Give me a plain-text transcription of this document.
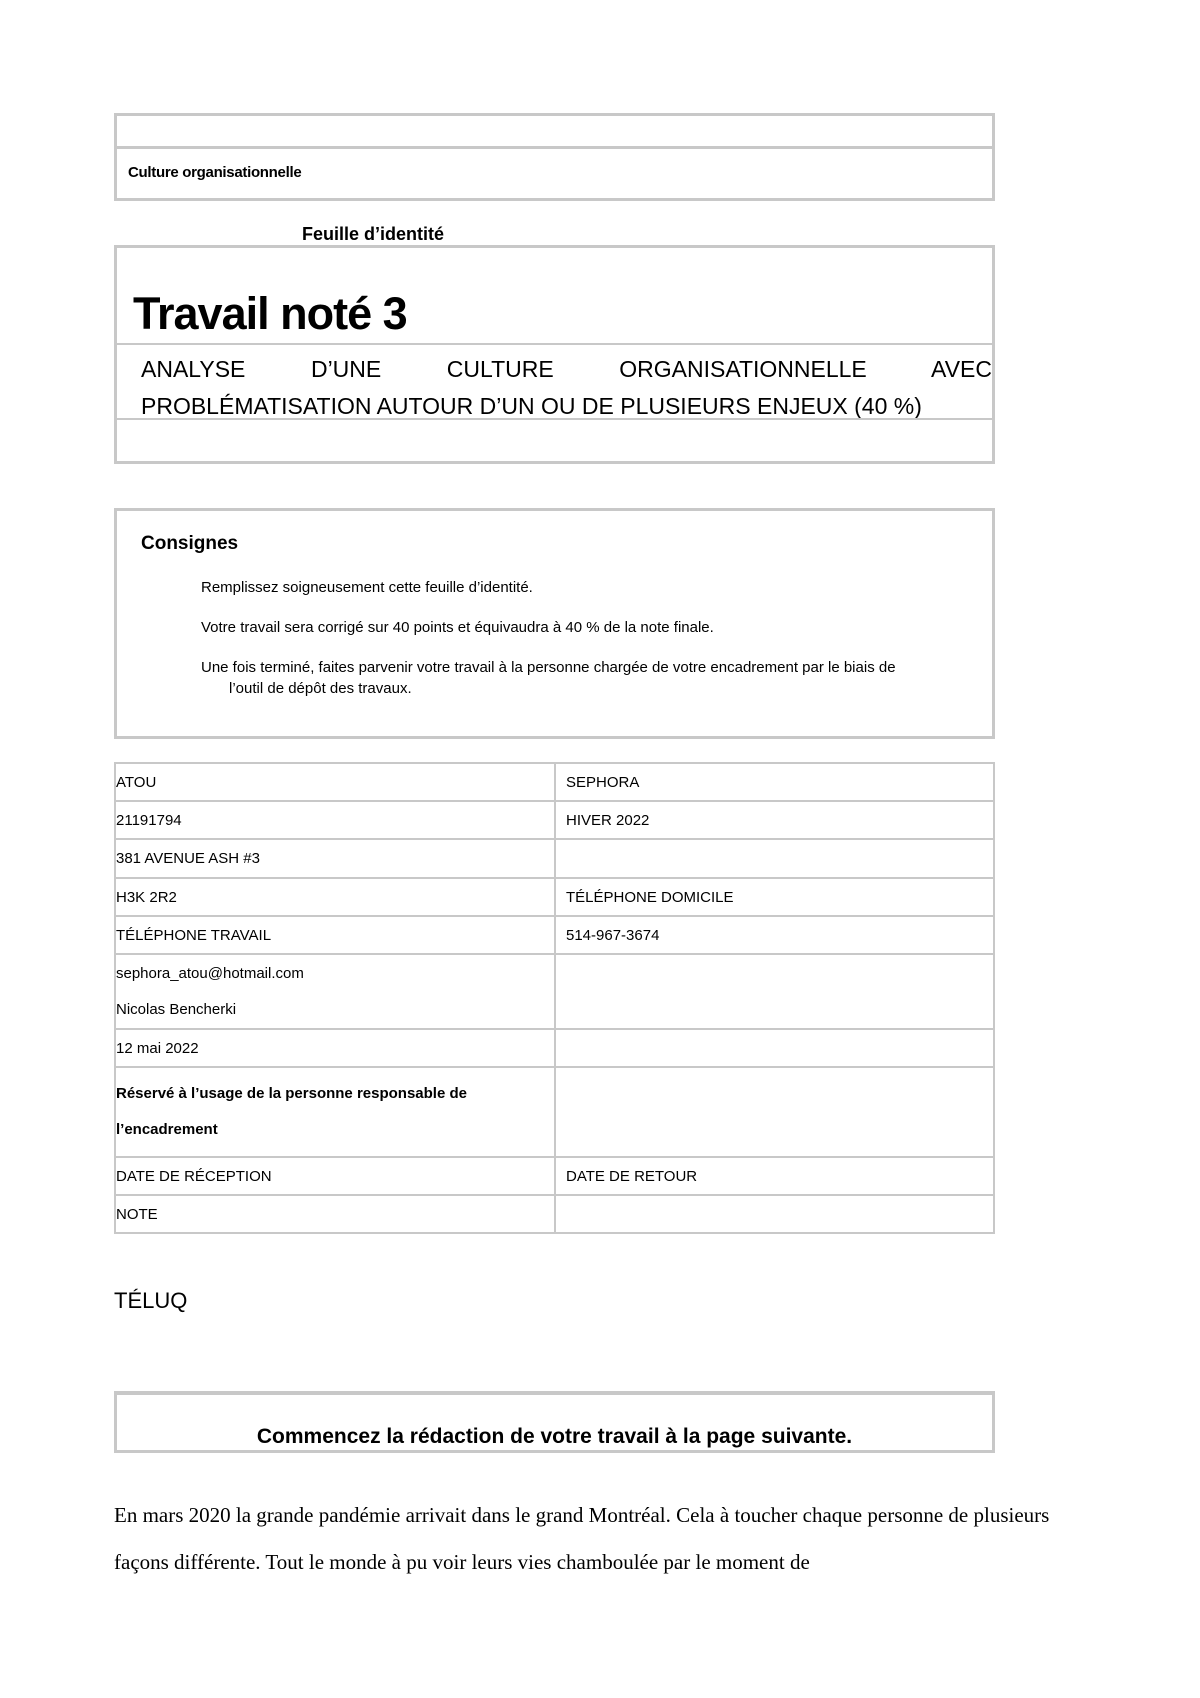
Culture organisationnelle
Feuille d’identité
Travail noté 3
ANALYSE D’UNE CULTURE ORGANISATIONNELLE AVEC PROBLÉMATISATION AUTOUR D’UN OU DE PLUSIEURS ENJEUX (40 %)
Consignes
Remplissez soigneusement cette feuille d’identité.
Votre travail sera corrigé sur 40 points et équivaudra à 40 % de la note finale.
Une fois terminé, faites parvenir votre travail à la personne chargée de votre encadrement par le biais de
l’outil de dépôt des travaux.
ATOU	SEPHORA
21191794	HIVER 2022
381 AVENUE ASH #3	
H3K 2R2	TÉLÉPHONE DOMICILE
TÉLÉPHONE TRAVAIL	514-967-3674

sephora_atou@hotmail.com
Nicolas Bencherki	

12 mai 2022	
Réservé à l’usage de la personne responsable de l’encadrement	
DATE DE RÉCEPTION	DATE DE RETOUR
NOTE	
TÉLUQ
Commencez la rédaction de votre travail à la page suivante.
En mars 2020 la grande pandémie arrivait dans le grand Montréal. Cela à toucher chaque personne de plusieurs façons différente. Tout le monde à pu voir leurs vies chamboulée par le moment de
